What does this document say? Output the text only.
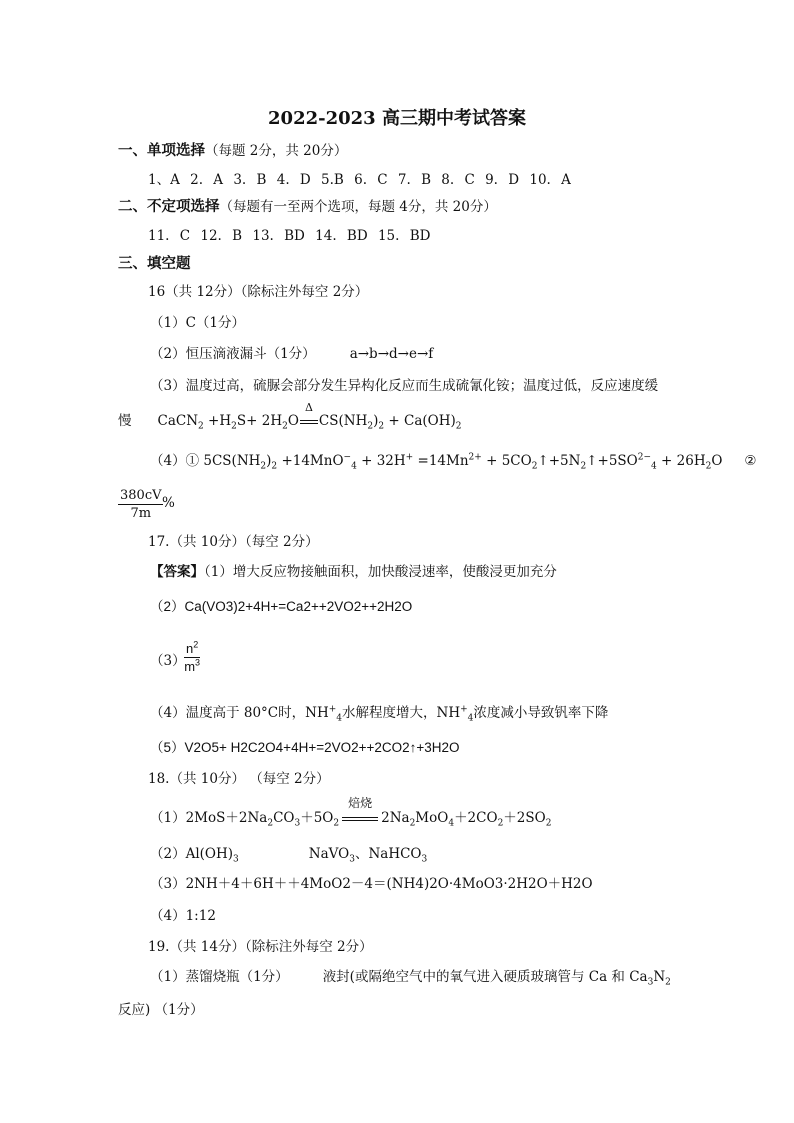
2022-2023 高三期中考试答案
一、单项选择（每题 2分，共 20分）
1、A 2. A 3. B 4. D 5.B 6. C 7. B 8. C 9. D 10. A
二、不定项选择（每题有一至两个选项，每题 4分，共 20分）
11. C 12. B 13. BD 14. BD 15. BD
三、填空题
16（共 12分）（除标注外每空 2分）
（1）C（1分）
（2）恒压滴液漏斗（1分）	a→b→d→e→f
（3）温度过高，硫脲会部分发生异构化反应而生成硫氰化铵；温度过低，反应速度缓
慢 CaCN$_2$ $+H_2S+ 2H_2O$
Δ
$CS(NH_2)_2 + Ca(OH)_2$
（4）① $5CS(NH_2)_2 +14MnO^-_4 + 32H^+ =14Mn^{2+}$ + $5CO_2↑+5N_2↑+5SO^{2-}_4 + 26H_2O$ ②
$\frac{380cV}{7m}$
%
17.（共 10分）（每空 2分）
【答案】（1）增大反应物接触面积，加快酸浸速率，使酸浸更加充分
（2）Ca(VO3)2+4H+=Ca2++2VO2++2H2O
（3）
$\frac{n^2}{m^3}$
（4）温度高于 80°C时，$NH^+_4$水解程度增大，$NH^+_4$浓度减小导致钒率下降
（5）V2O5+ H2C2O4+4H+=2VO2++2CO2↑+3H2O
18.（共 10分） （每空 2分）
$(1)2MoS+2Na_2CO_3+5O_2$
焙烧
$2Na_2MoO_4+2CO_2+2SO_2$
$(2)Al(OH)_3$	NaVO$_3$、NaHCO$_3$
（3）2NH＋4＋6H＋＋4MoO2－4＝(NH4)2O·4MoO3·2H2O＋H2O
（4）1:12
19.（共 14分）（除标注外每空 2分）
（1）蒸馏烧瓶（1分）	液封(或隔绝空气中的氧气进入硬质玻璃管与 Ca 和 $Ca_3N_2$
反应) （1分）
